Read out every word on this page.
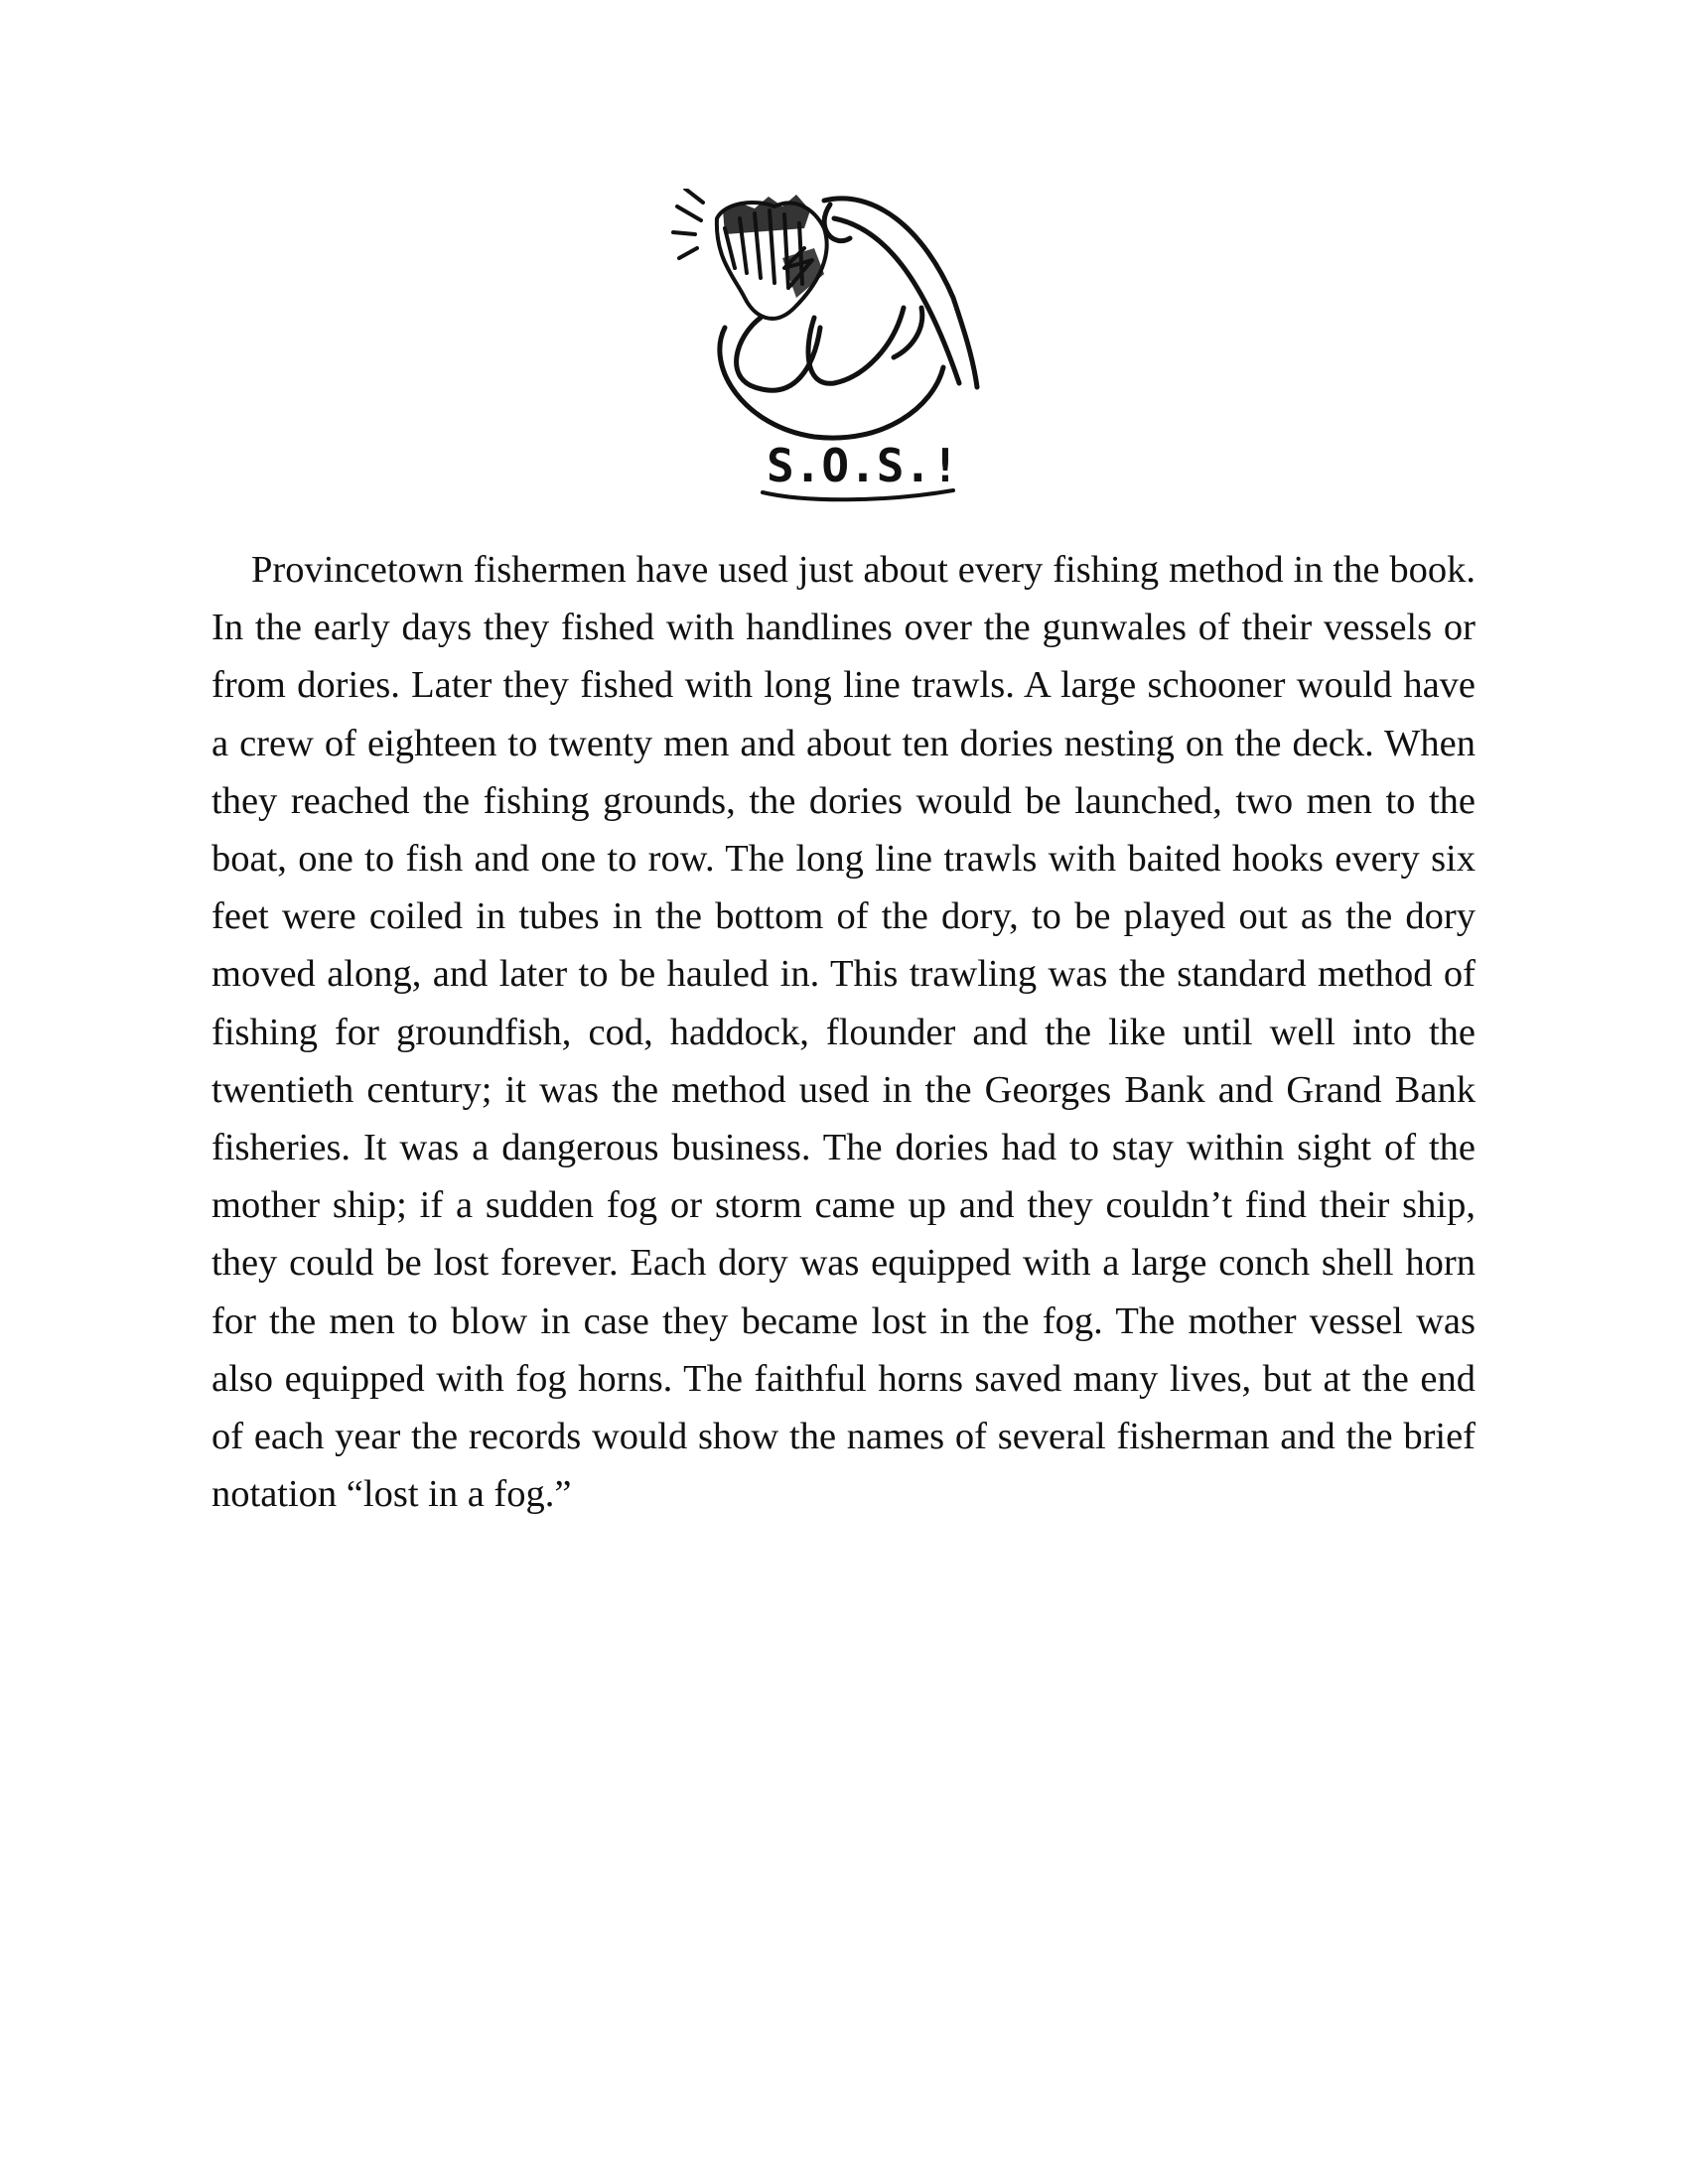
S.O.S.!

Provincetown fishermen have used just about every fishing method in the book. In the early days they fished with handlines over the gunwales of their vessels or from dories. Later they fished with long line trawls. A large schooner would have a crew of eighteen to twenty men and about ten dories nesting on the deck. When they reached the fishing grounds, the dories would be launched, two men to the boat, one to fish and one to row. The long line trawls with baited hooks every six feet were coiled in tubes in the bottom of the dory, to be played out as the dory moved along, and later to be hauled in. This trawling was the standard method of fishing for groundfish, cod, haddock, flounder and the like until well into the twentieth century; it was the method used in the Georges Bank and Grand Bank fisheries. It was a dangerous business. The dories had to stay within sight of the mother ship; if a sudden fog or storm came up and they couldn’t find their ship, they could be lost forever. Each dory was equipped with a large conch shell horn for the men to blow in case they became lost in the fog. The mother vessel was also equipped with fog horns. The faithful horns saved many lives, but at the end of each year the records would show the names of several fisherman and the brief notation “lost in a fog.”
